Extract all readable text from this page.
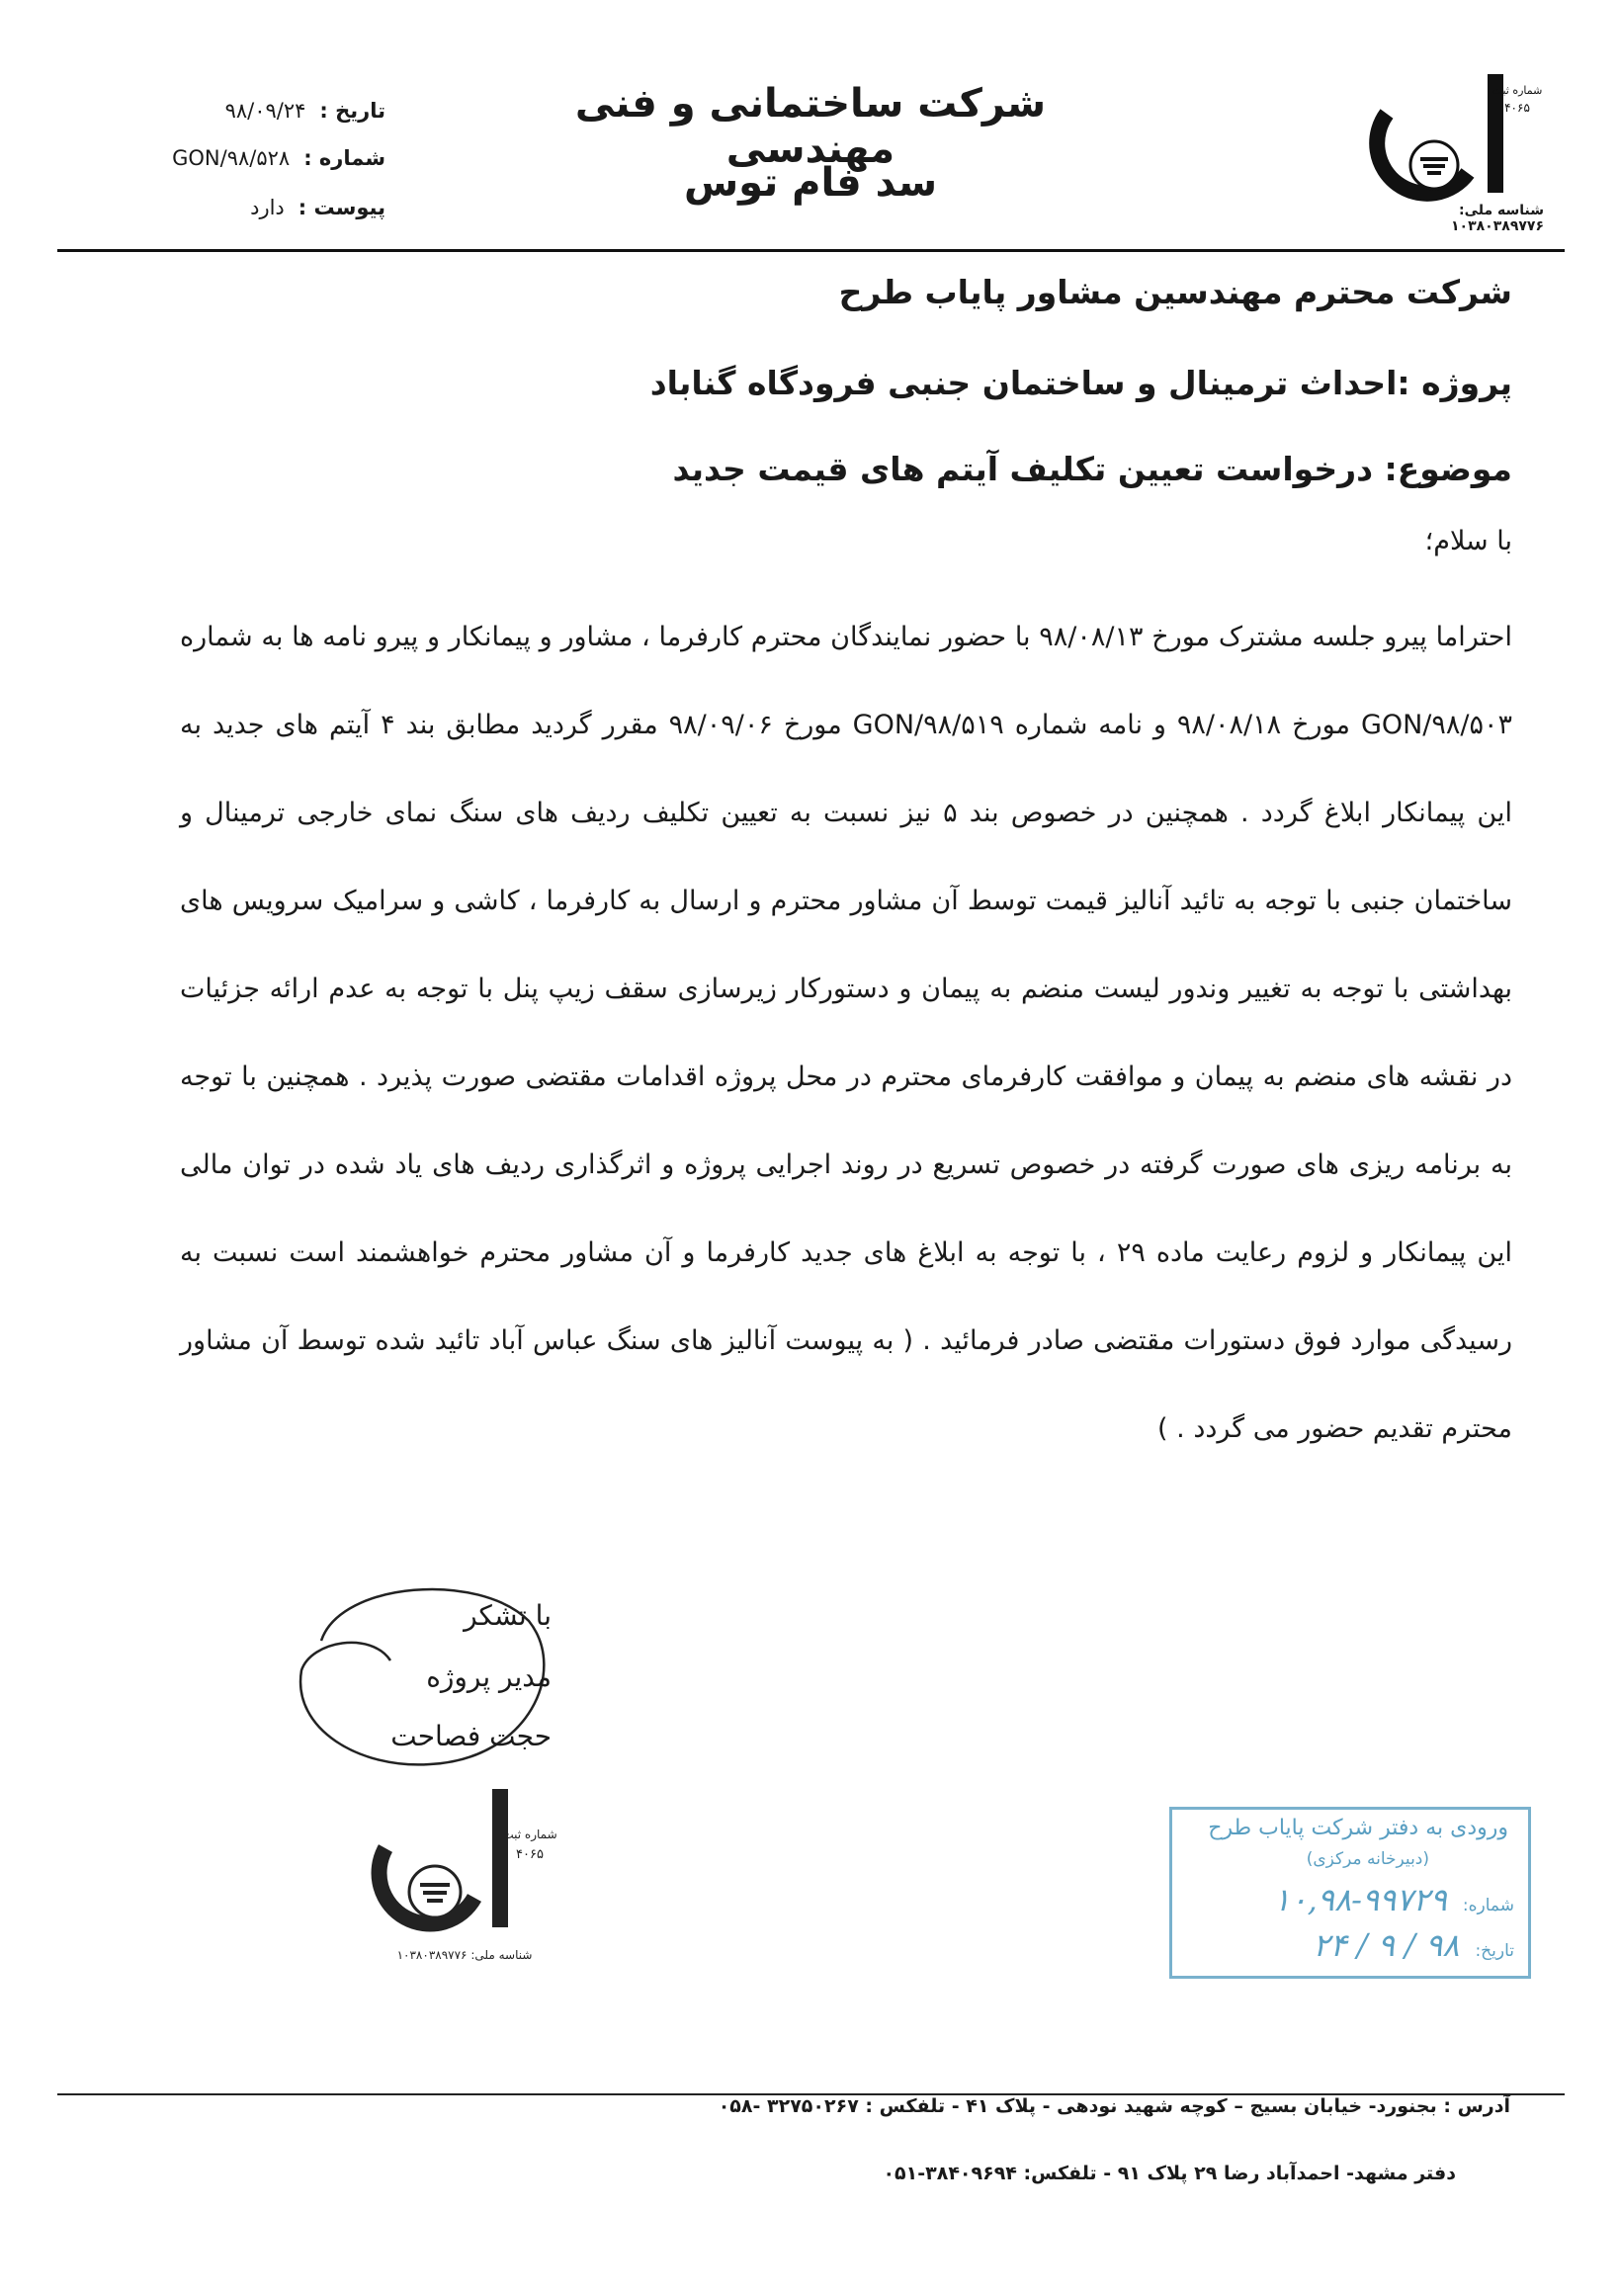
شرکت ساختمانی و فنی مهندسی
سد فام توس
تاریخ :
۹۸/۰۹/۲۴
شماره :
GON/۹۸/۵۲۸
پیوست :
دارد
شماره ثبت
۴۰۶۵
شناسه ملی: ۱۰۳۸۰۳۸۹۷۷۶
شرکت محترم مهندسین مشاور پایاب طرح
پروژه :احداث ترمینال و ساختمان جنبی فرودگاه گناباد
موضوع: درخواست تعیین تکلیف آیتم های قیمت جدید
با سلام؛
احتراما پیرو جلسه مشترک مورخ ۹۸/۰۸/۱۳ با حضور نمایندگان محترم کارفرما ، مشاور و پیمانکار و پیرو نامه ها به شماره GON/۹۸/۵۰۳ مورخ ۹۸/۰۸/۱۸ و نامه شماره GON/۹۸/۵۱۹ مورخ ۹۸/۰۹/۰۶ مقرر گردید مطابق بند ۴ آیتم های جدید به این پیمانکار ابلاغ گردد . همچنین در خصوص بند ۵ نیز نسبت به تعیین تکلیف ردیف های سنگ نمای خارجی ترمینال و ساختمان جنبی با توجه به تائید آنالیز قیمت توسط آن مشاور محترم و ارسال به کارفرما ، کاشی و سرامیک سرویس های بهداشتی با توجه به تغییر وندور لیست منضم به پیمان و دستورکار زیرسازی سقف زیپ پنل با توجه به عدم ارائه جزئیات در نقشه های منضم به پیمان و موافقت کارفرمای محترم در محل پروژه اقدامات مقتضی صورت پذیرد . همچنین با توجه به برنامه ریزی های صورت گرفته در خصوص تسریع در روند اجرایی پروژه و اثرگذاری ردیف های یاد شده در توان مالی این پیمانکار و لزوم رعایت ماده ۲۹ ، با توجه به ابلاغ های جدید کارفرما و آن مشاور محترم خواهشمند است نسبت به رسیدگی موارد فوق دستورات مقتضی صادر فرمائید . ( به پیوست آنالیز های سنگ عباس آباد تائید شده توسط آن مشاور محترم تقدیم حضور می گردد . )
با تشکر
مدیر پروژه
حجت فصاحت
شماره ثبت
۴۰۶۵
شناسه ملی: ۱۰۳۸۰۳۸۹۷۷۶
ورودی به دفتر شرکت پایاب طرح
(دبیرخانه مرکزی)
شماره:
۱۰,۹۸-۹۹۷۲۹
تاریخ:
۹۸ / ۹ / ۲۴
آدرس : بجنورد- خیابان بسیج – کوچه شهید نودهی - پلاک ۴۱ - تلفکس : ۳۲۷۵۰۲۶۷ -۰۵۸
دفتر مشهد- احمدآباد رضا ۲۹ پلاک ۹۱ - تلفکس: ۳۸۴۰۹۶۹۴-۰۵۱
